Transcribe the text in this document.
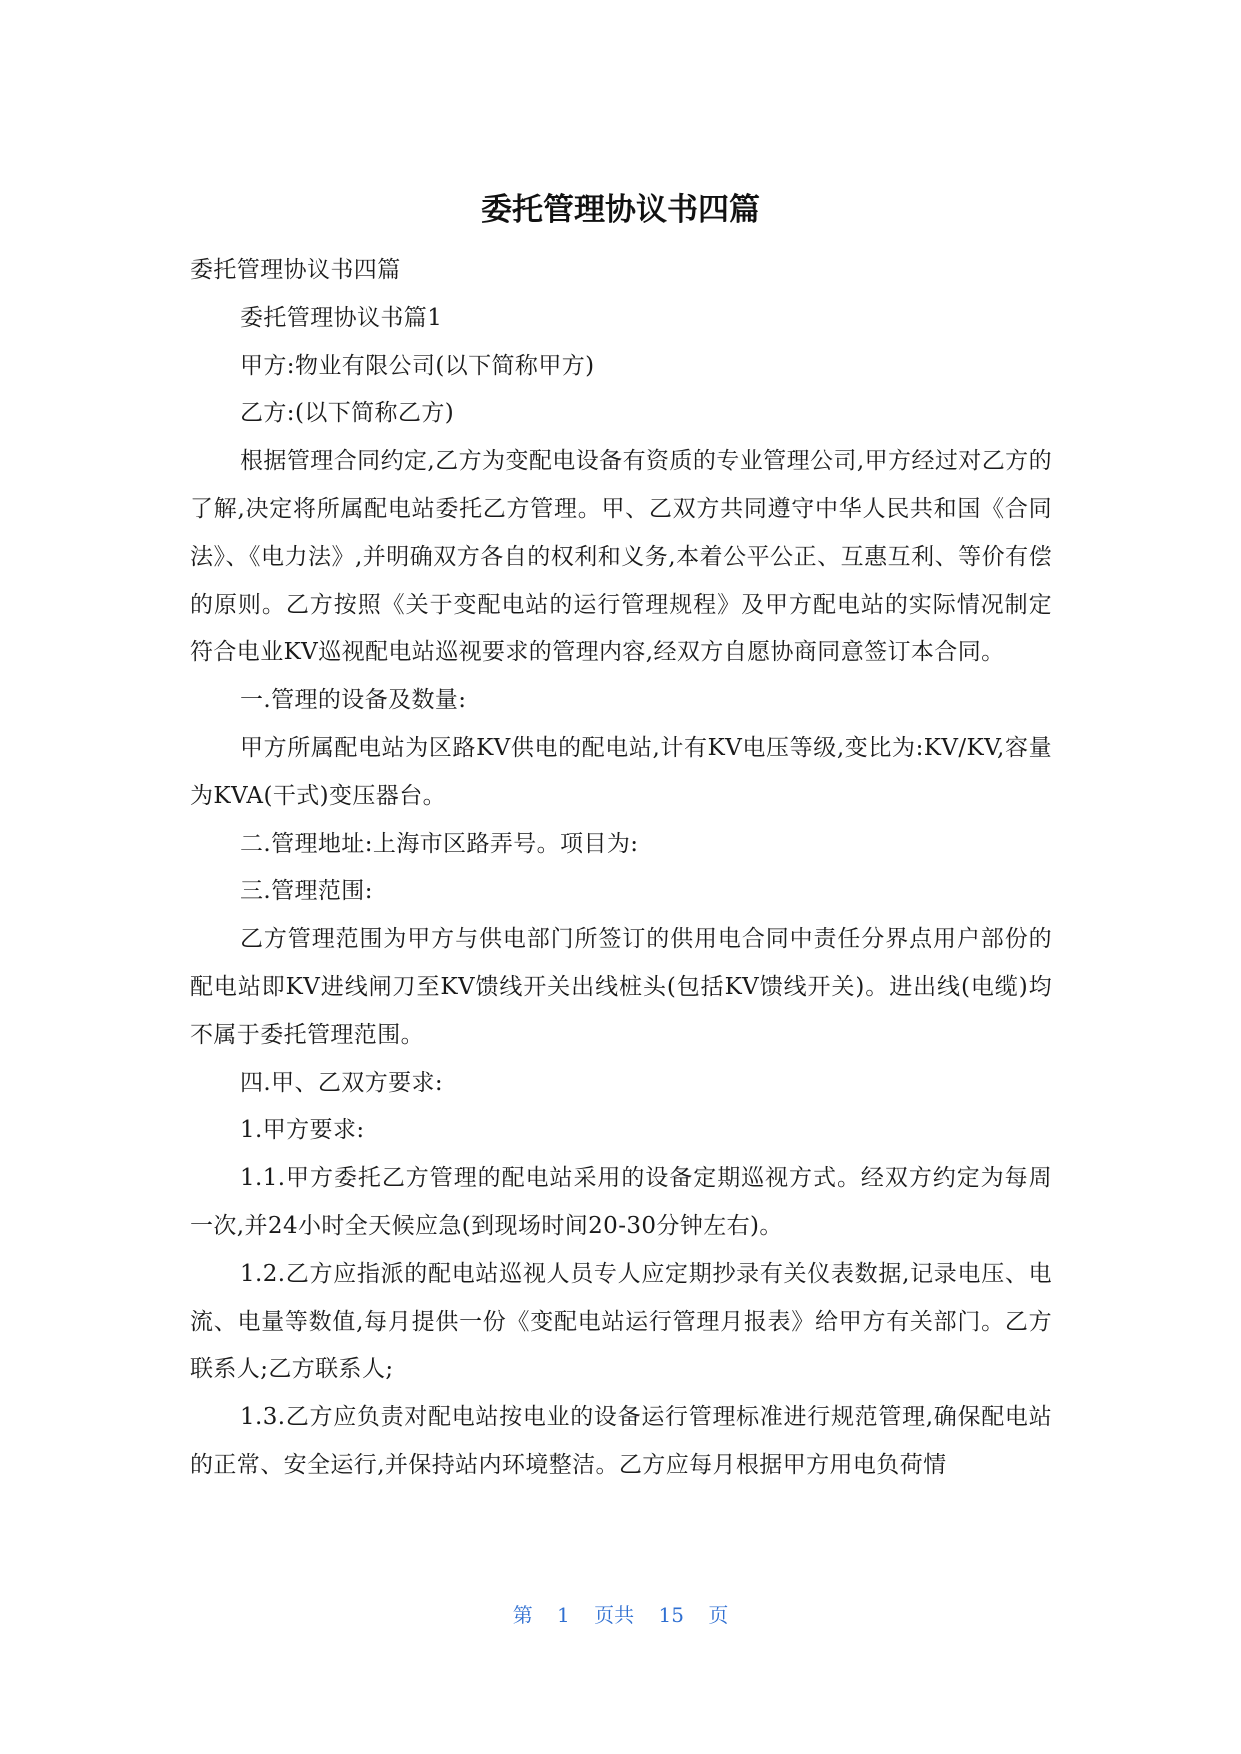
委托管理协议书四篇

委托管理协议书四篇

委托管理协议书篇1

甲方:物业有限公司(以下简称甲方)

乙方:(以下简称乙方)

根据管理合同约定,乙方为变配电设备有资质的专业管理公司,甲方经过对乙方的了解,决定将所属配电站委托乙方管理。甲、乙双方共同遵守中华人民共和国《合同法》、《电力法》,并明确双方各自的权利和义务,本着公平公正、互惠互利、等价有偿的原则。乙方按照《关于变配电站的运行管理规程》及甲方配电站的实际情况制定符合电业KV巡视配电站巡视要求的管理内容,经双方自愿协商同意签订本合同。

一.管理的设备及数量:

甲方所属配电站为区路KV供电的配电站,计有KV电压等级,变比为:KV/KV,容量为KVA(干式)变压器台。

二.管理地址:上海市区路弄号。项目为:

三.管理范围:

乙方管理范围为甲方与供电部门所签订的供用电合同中责任分界点用户部份的配电站即KV进线闸刀至KV馈线开关出线桩头(包括KV馈线开关)。进出线(电缆)均不属于委托管理范围。

四.甲、乙双方要求:

1.甲方要求:

1.1.甲方委托乙方管理的配电站采用的设备定期巡视方式。经双方约定为每周一次,并24小时全天候应急(到现场时间20-30分钟左右)。

1.2.乙方应指派的配电站巡视人员专人应定期抄录有关仪表数据,记录电压、电流、电量等数值,每月提供一份《变配电站运行管理月报表》给甲方有关部门。乙方联系人;乙方联系人;

1.3.乙方应负责对配电站按电业的设备运行管理标准进行规范管理,确保配电站的正常、安全运行,并保持站内环境整洁。乙方应每月根据甲方用电负荷情

第 1 页共 15 页
